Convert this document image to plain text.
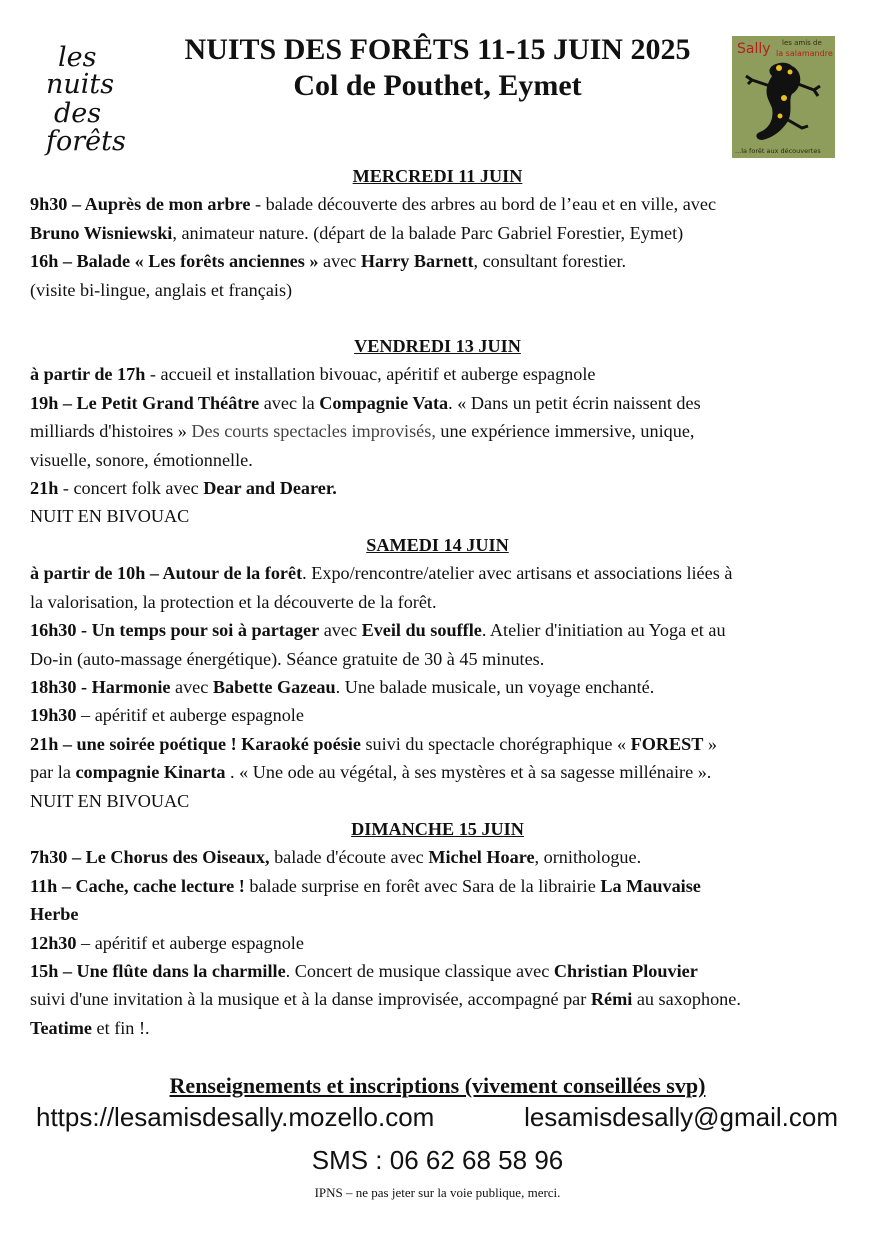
les
nuits
des
forêts

NUITS DES FORÊTS 11-15 JUIN 2025

Col de Pouthet, Eymet

les amis de
Sally la salamandre
...la forêt aux découvertes
MERCREDI 11 JUIN
9h30 – Auprès de mon arbre - balade découverte des arbres au bord de l’eau et en ville, avec
Bruno Wisniewski, animateur nature. (départ de la balade Parc Gabriel Forestier, Eymet)
16h – Balade « Les forêts anciennes » avec Harry Barnett, consultant forestier.
(visite bi-lingue, anglais et français)
VENDREDI 13 JUIN
à partir de 17h - accueil et installation bivouac, apéritif et auberge espagnole
19h – Le Petit Grand Théâtre avec la Compagnie Vata. « Dans un petit écrin naissent des
milliards d'histoires » Des courts spectacles improvisés, une expérience immersive, unique,
visuelle, sonore, émotionnelle.
21h - concert folk avec Dear and Dearer.
NUIT EN BIVOUAC
SAMEDI 14 JUIN
à partir de 10h – Autour de la forêt. Expo/rencontre/atelier avec artisans et associations liées à
la valorisation, la protection et la découverte de la forêt.
16h30 - Un temps pour soi à partager avec Eveil du souffle. Atelier d'initiation au Yoga et au
Do-in (auto-massage énergétique). Séance gratuite de 30 à 45 minutes.
18h30 - Harmonie avec Babette Gazeau. Une balade musicale, un voyage enchanté.
19h30 – apéritif et auberge espagnole
21h – une soirée poétique ! Karaoké poésie suivi du spectacle chorégraphique « FOREST »
par la compagnie Kinarta . « Une ode au végétal, à ses mystères et à sa sagesse millénaire ».
NUIT EN BIVOUAC
DIMANCHE 15 JUIN
7h30 – Le Chorus des Oiseaux, balade d'écoute avec Michel Hoare, ornithologue.
11h – Cache, cache lecture ! balade surprise en forêt avec Sara de la librairie La Mauvaise
Herbe
12h30 – apéritif et auberge espagnole
15h – Une flûte dans la charmille. Concert de musique classique avec Christian Plouvier
suivi d'une invitation à la musique et à la danse improvisée, accompagné par Rémi au saxophone.
Teatime et fin !.
Renseignements et inscriptions (vivement conseillées svp)
https://lesamisdesally.mozello.com	lesamisdesally@gmail.com
SMS : 06 62 68 58 96
IPNS – ne pas jeter sur la voie publique, merci.
